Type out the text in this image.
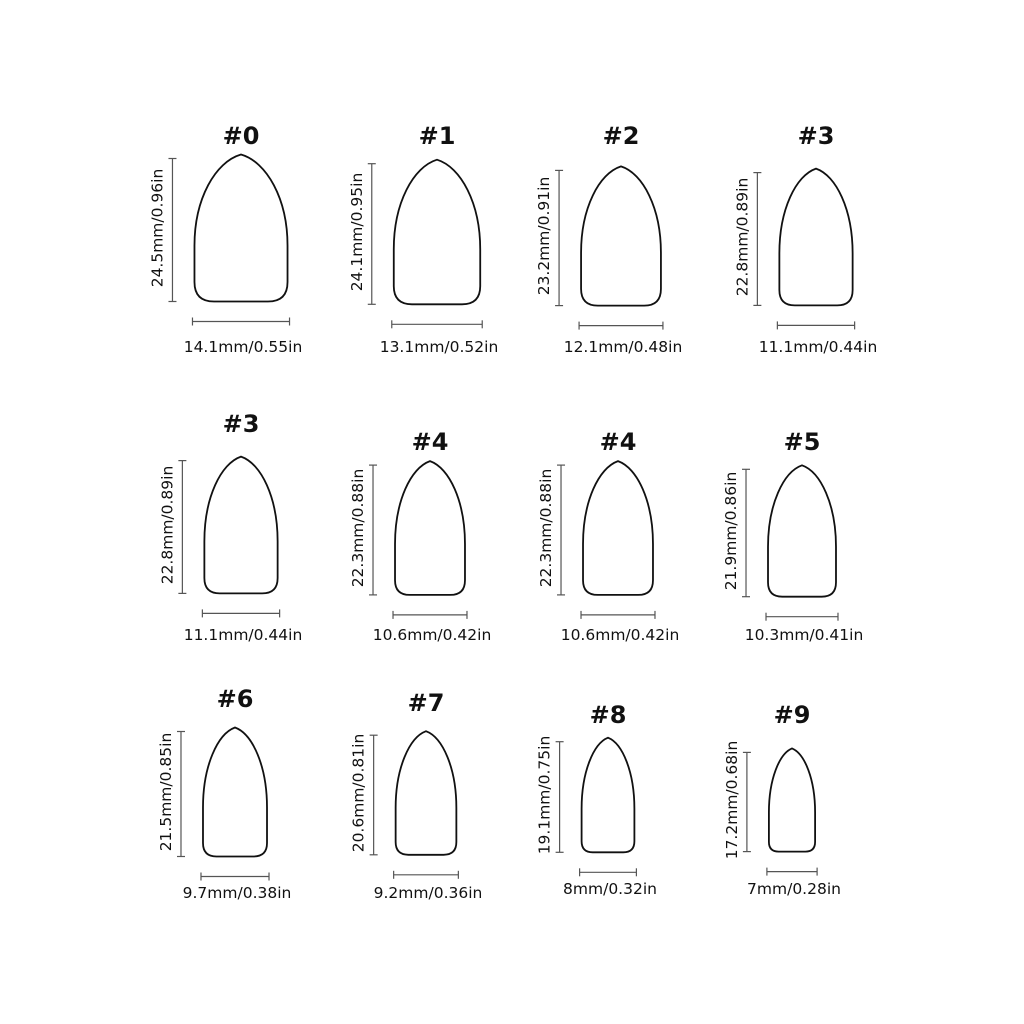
#0
24.5mm/0.96in
14.1mm/0.55in
#1
24.1mm/0.95in
13.1mm/0.52in
#2
23.2mm/0.91in
12.1mm/0.48in
#3
22.8mm/0.89in
11.1mm/0.44in
#3
22.8mm/0.89in
11.1mm/0.44in
#4
22.3mm/0.88in
10.6mm/0.42in
#4
22.3mm/0.88in
10.6mm/0.42in
#5
21.9mm/0.86in
10.3mm/0.41in
#6
21.5mm/0.85in
9.7mm/0.38in
#7
20.6mm/0.81in
9.2mm/0.36in
#8
19.1mm/0.75in
8mm/0.32in
#9
17.2mm/0.68in
7mm/0.28in
